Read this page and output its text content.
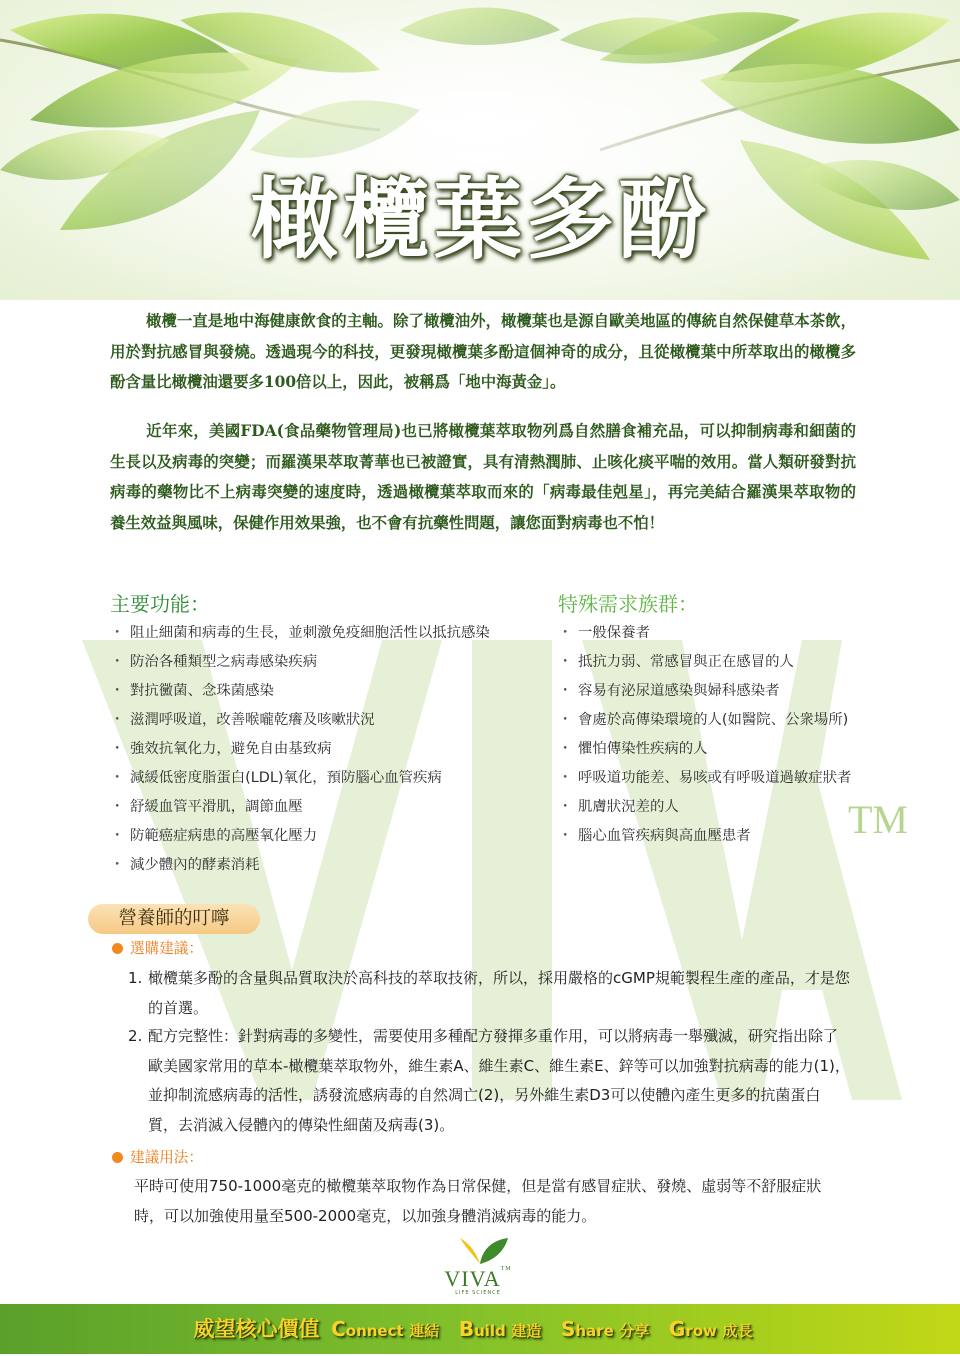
橄欖葉多酚
TM

橄欖一直是地中海健康飲食的主軸。除了橄欖油外，橄欖葉也是源自歐美地區的傳統自然保健草本茶飲，用於對抗感冒與發燒。透過現今的科技，更發現橄欖葉多酚這個神奇的成分，且從橄欖葉中所萃取出的橄欖多酚含量比橄欖油還要多100倍以上，因此，被稱爲「地中海黃金」。

近年來，美國FDA(食品藥物管理局)也已將橄欖葉萃取物列爲自然膳食補充品，可以抑制病毒和細菌的生長以及病毒的突變；而羅漢果萃取菁華也已被證實，具有清熱潤肺、止咳化痰平喘的效用。當人類研發對抗病毒的藥物比不上病毒突變的速度時，透過橄欖葉萃取而來的「病毒最佳剋星」，再完美結合羅漢果萃取物的養生效益與風味，保健作用效果強，也不會有抗藥性問題，讓您面對病毒也不怕！

主要功能：
・ 阻止細菌和病毒的生長，並刺激免疫細胞活性以抵抗感染
・ 防治各種類型之病毒感染疾病
・ 對抗黴菌、念珠菌感染
・ 滋潤呼吸道，改善喉嚨乾癢及咳嗽狀況
・ 強效抗氧化力，避免自由基致病
・ 減緩低密度脂蛋白(LDL)氧化，預防腦心血管疾病
・ 舒緩血管平滑肌，調節血壓
・ 防範癌症病患的高壓氧化壓力
・ 減少體內的酵素消耗
特殊需求族群：
・ 一般保養者
・ 抵抗力弱、常感冒與正在感冒的人
・ 容易有泌尿道感染與婦科感染者
・ 會處於高傳染環境的人(如醫院、公衆場所)
・ 懼怕傳染性疾病的人
・ 呼吸道功能差、易咳或有呼吸道過敏症狀者
・ 肌膚狀況差的人
・ 腦心血管疾病與高血壓患者
營養師的叮嚀
選購建議：
1. 橄欖葉多酚的含量與品質取決於高科技的萃取技術，所以，採用嚴格的cGMP規範製程生產的產品，才是您的首選。
2. 配方完整性：針對病毒的多變性，需要使用多種配方發揮多重作用，可以將病毒一舉殲滅，研究指出除了歐美國家常用的草本-橄欖葉萃取物外，維生素A、維生素C、維生素E、鋅等可以加強對抗病毒的能力(1)，並抑制流感病毒的活性，誘發流感病毒的自然凋亡(2)，另外維生素D3可以使體內產生更多的抗菌蛋白質，去消滅入侵體內的傳染性細菌及病毒(3)。
建議用法：
平時可使用750-1000毫克的橄欖葉萃取物作為日常保健，但是當有感冒症狀、發燒、虛弱等不舒服症狀時，可以加強使用量至500-2000毫克，以加強身體消滅病毒的能力。
VIVA™
LIFE SCIENCE
威望核心價值 Connect 連結 Build 建造 Share 分享 Grow 成長
